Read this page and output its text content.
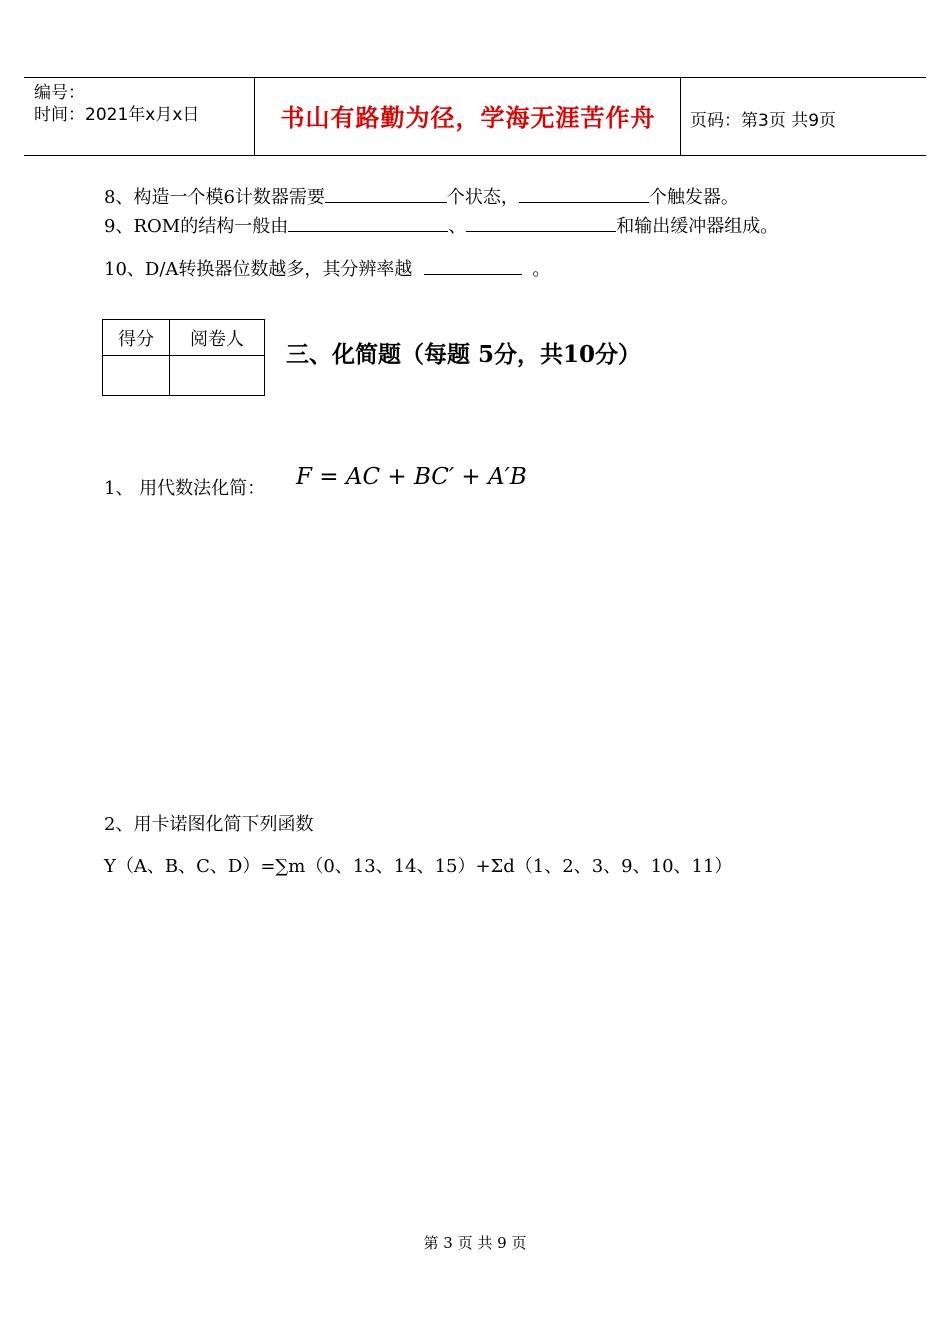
编号：
时间：2021年x月x日	书山有路勤为径，学海无涯苦作舟	页码：第3页 共9页
8、构造一个模6计数器需要	个状态，	个触发器。
9、ROM的结构一般由	、	和输出缓冲器组成。
10、D/A转换器位数越多，其分辨率越	。
得分	阅卷人

三、化简题（每题 5分，共10分）
1、 用代数法化简： F = AC + BC′ + A′B
2、用卡诺图化简下列函数
Y（A、B、C、D）=∑m（0、13、14、15）+Σd（1、2、3、9、10、11）
第 3 页 共 9 页
